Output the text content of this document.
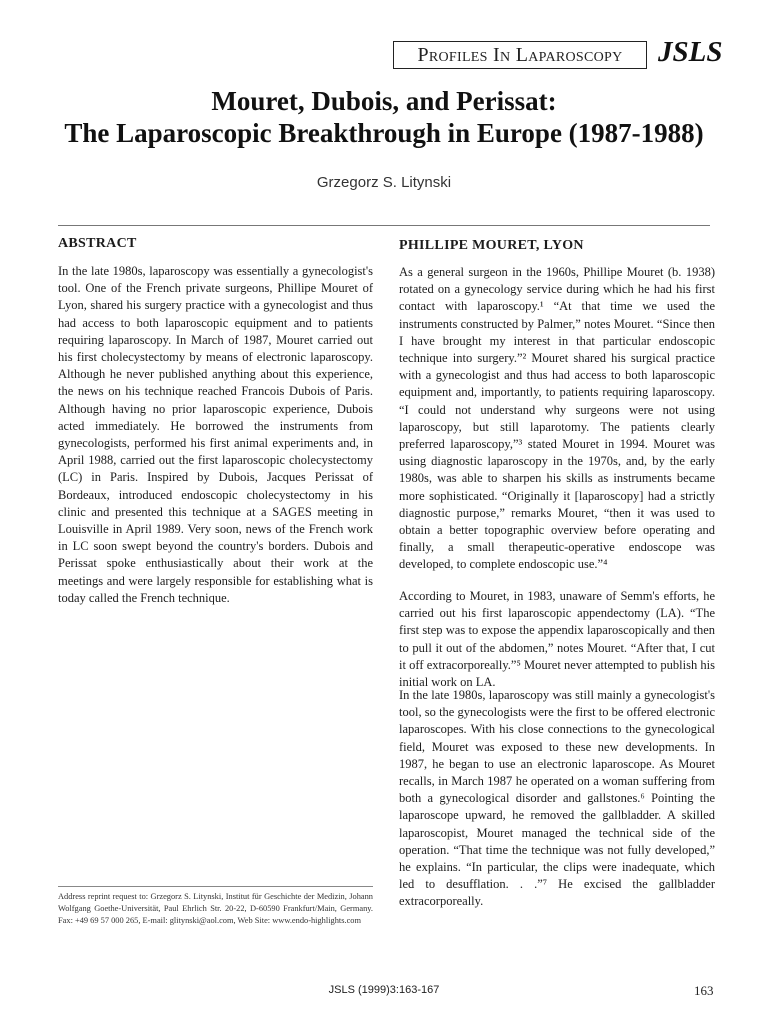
Profiles In Laparoscopy JSLS
Mouret, Dubois, and Perissat:
The Laparoscopic Breakthrough in Europe (1987-1988)
Grzegorz S. Litynski
ABSTRACT

In the late 1980s, laparoscopy was essentially a gynecologist's tool. One of the French private surgeons, Phillipe Mouret of Lyon, shared his surgery practice with a gynecologist and thus had access to both laparoscopic equipment and to patients requiring laparoscopy. In March of 1987, Mouret carried out his first cholecystectomy by means of electronic laparoscopy. Although he never published anything about this experience, the news on his technique reached Francois Dubois of Paris. Although having no prior laparoscopic experience, Dubois acted immediately. He borrowed the instruments from gynecologists, performed his first animal experiments and, in April 1988, carried out the first laparoscopic cholecystectomy (LC) in Paris. Inspired by Dubois, Jacques Perissat of Bordeaux, introduced endoscopic cholecystectomy in his clinic and presented this technique at a SAGES meeting in Louisville in April 1989. Very soon, news of the French work in LC soon swept beyond the country's borders. Dubois and Perissat spoke enthusiastically about their work at the meetings and were largely responsible for establishing what is today called the French technique.

PHILLIPE MOURET, LYON

As a general surgeon in the 1960s, Phillipe Mouret (b. 1938) rotated on a gynecology service during which he had his first contact with laparoscopy.¹ “At that time we used the instruments constructed by Palmer,” notes Mouret. “Since then I have brought my interest in that particular endoscopic technique into surgery.”² Mouret shared his surgical practice with a gynecologist and thus had access to both laparoscopic equipment and, importantly, to patients requiring laparoscopy. “I could not understand why surgeons were not using laparoscopy, but still laparotomy. The patients clearly preferred laparoscopy,”³ stated Mouret in 1994. Mouret was using diagnostic laparoscopy in the 1970s, and, by the early 1980s, was able to sharpen his skills as instruments became more sophisticated. “Originally it [laparoscopy] had a strictly diagnostic purpose,” remarks Mouret, “then it was used to obtain a better topographic overview before operating and finally, a small therapeutic-operative endoscope was developed, to complete endoscopic use.”⁴

According to Mouret, in 1983, unaware of Semm's efforts, he carried out his first laparoscopic appendectomy (LA). “The first step was to expose the appendix laparoscopically and then to pull it out of the abdomen,” notes Mouret. “After that, I cut it off extracorporeally.”⁵ Mouret never attempted to publish his initial work on LA.

In the late 1980s, laparoscopy was still mainly a gynecologist's tool, so the gynecologists were the first to be offered electronic laparoscopes. With his close connections to the gynecological field, Mouret was exposed to these new developments. In 1987, he began to use an electronic laparoscope. As Mouret recalls, in March 1987 he operated on a woman suffering from both a gynecological disorder and gallstones.⁶ Pointing the laparoscope upward, he removed the gallbladder. A skilled laparoscopist, Mouret managed the technical side of the operation. “That time the technique was not fully developed,” he explains. “In particular, the clips were inadequate, which led to desufflation. . .”⁷ He excised the gallbladder extracorporeally.

Address reprint request to: Grzegorz S. Litynski, Institut für Geschichte der Medizin, Johann Wolfgang Goethe-Universität, Paul Ehrlich Str. 20-22, D-60590 Frankfurt/Main, Germany. Fax: +49 69 57 000 265, E-mail: glitynski@aol.com, Web Site: www.endo-highlights.com
JSLS (1999)3:163-167	163
